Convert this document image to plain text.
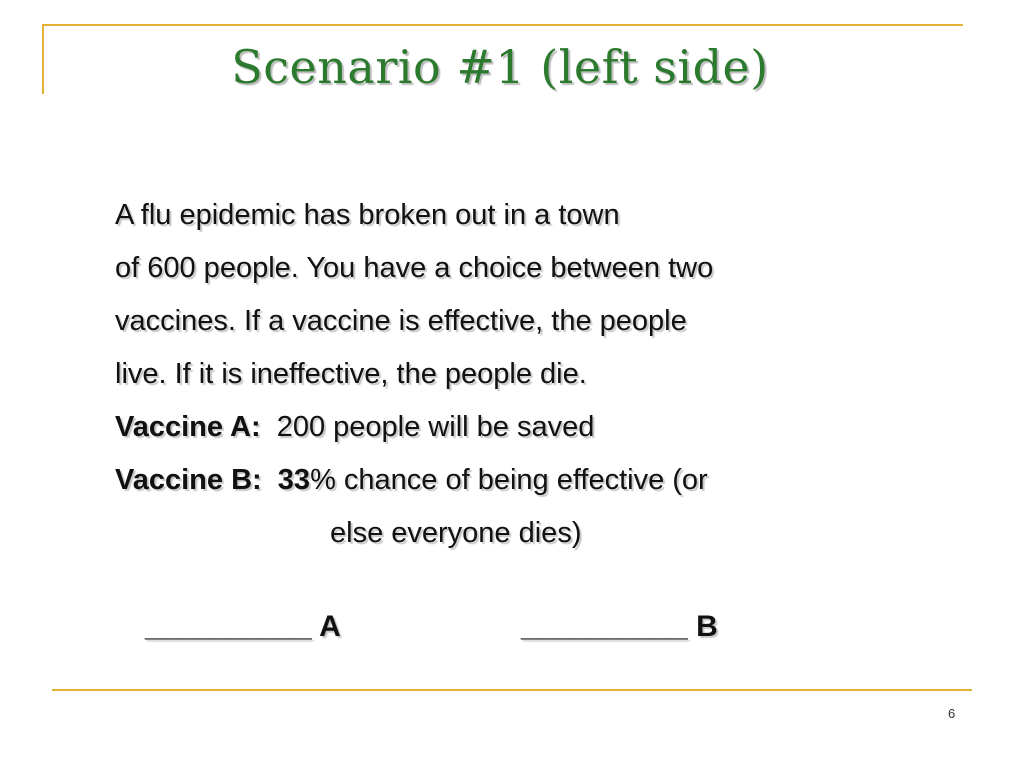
Scenario #1 (left side)
A flu epidemic has broken out in a town
of 600 people. You have a choice between two
vaccines. If a vaccine is effective, the people
live. If it is ineffective, the people die.
Vaccine A:  200 people will be saved
Vaccine B:  33% chance of being effective (or
else everyone dies)
__________ A	__________ B
6
